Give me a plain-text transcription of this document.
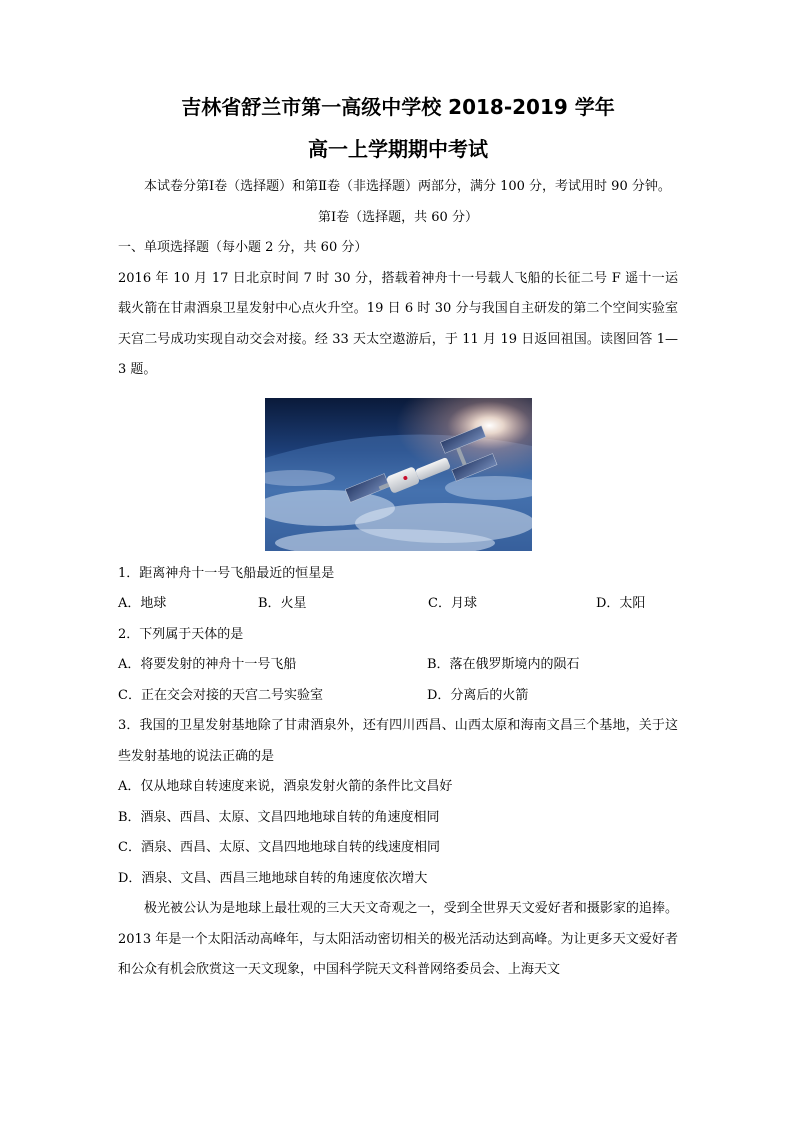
吉林省舒兰市第一高级中学校 2018-2019 学年
高一上学期期中考试

本试卷分第Ⅰ卷（选择题）和第Ⅱ卷（非选择题）两部分，满分 100 分，考试用时 90 分钟。

第Ⅰ卷（选择题，共 60 分）

一、单项选择题（每小题 2 分，共 60 分）

2016 年 10 月 17 日北京时间 7 时 30 分，搭载着神舟十一号载人飞船的长征二号 F 遥十一运载火箭在甘肃酒泉卫星发射中心点火升空。19 日 6 时 30 分与我国自主研发的第二个空间实验室天宫二号成功实现自动交会对接。经 33 天太空遨游后，于 11 月 19 日返回祖国。读图回答 1—3 题。

1．距离神舟十一号飞船最近的恒星是

A．地球	B．火星	C．月球	D．太阳

2．下列属于天体的是

A．将要发射的神舟十一号飞船	B．落在俄罗斯境内的陨石
C．正在交会对接的天宫二号实验室	D．分离后的火箭

3．我国的卫星发射基地除了甘肃酒泉外，还有四川西昌、山西太原和海南文昌三个基地，关于这些发射基地的说法正确的是

A．仅从地球自转速度来说，酒泉发射火箭的条件比文昌好

B．酒泉、西昌、太原、文昌四地地球自转的角速度相同

C．酒泉、西昌、太原、文昌四地地球自转的线速度相同

D．酒泉、文昌、西昌三地地球自转的角速度依次增大

极光被公认为是地球上最壮观的三大天文奇观之一，受到全世界天文爱好者和摄影家的追捧。2013 年是一个太阳活动高峰年，与太阳活动密切相关的极光活动达到高峰。为让更多天文爱好者和公众有机会欣赏这一天文现象，中国科学院天文科普网络委员会、上海天文
